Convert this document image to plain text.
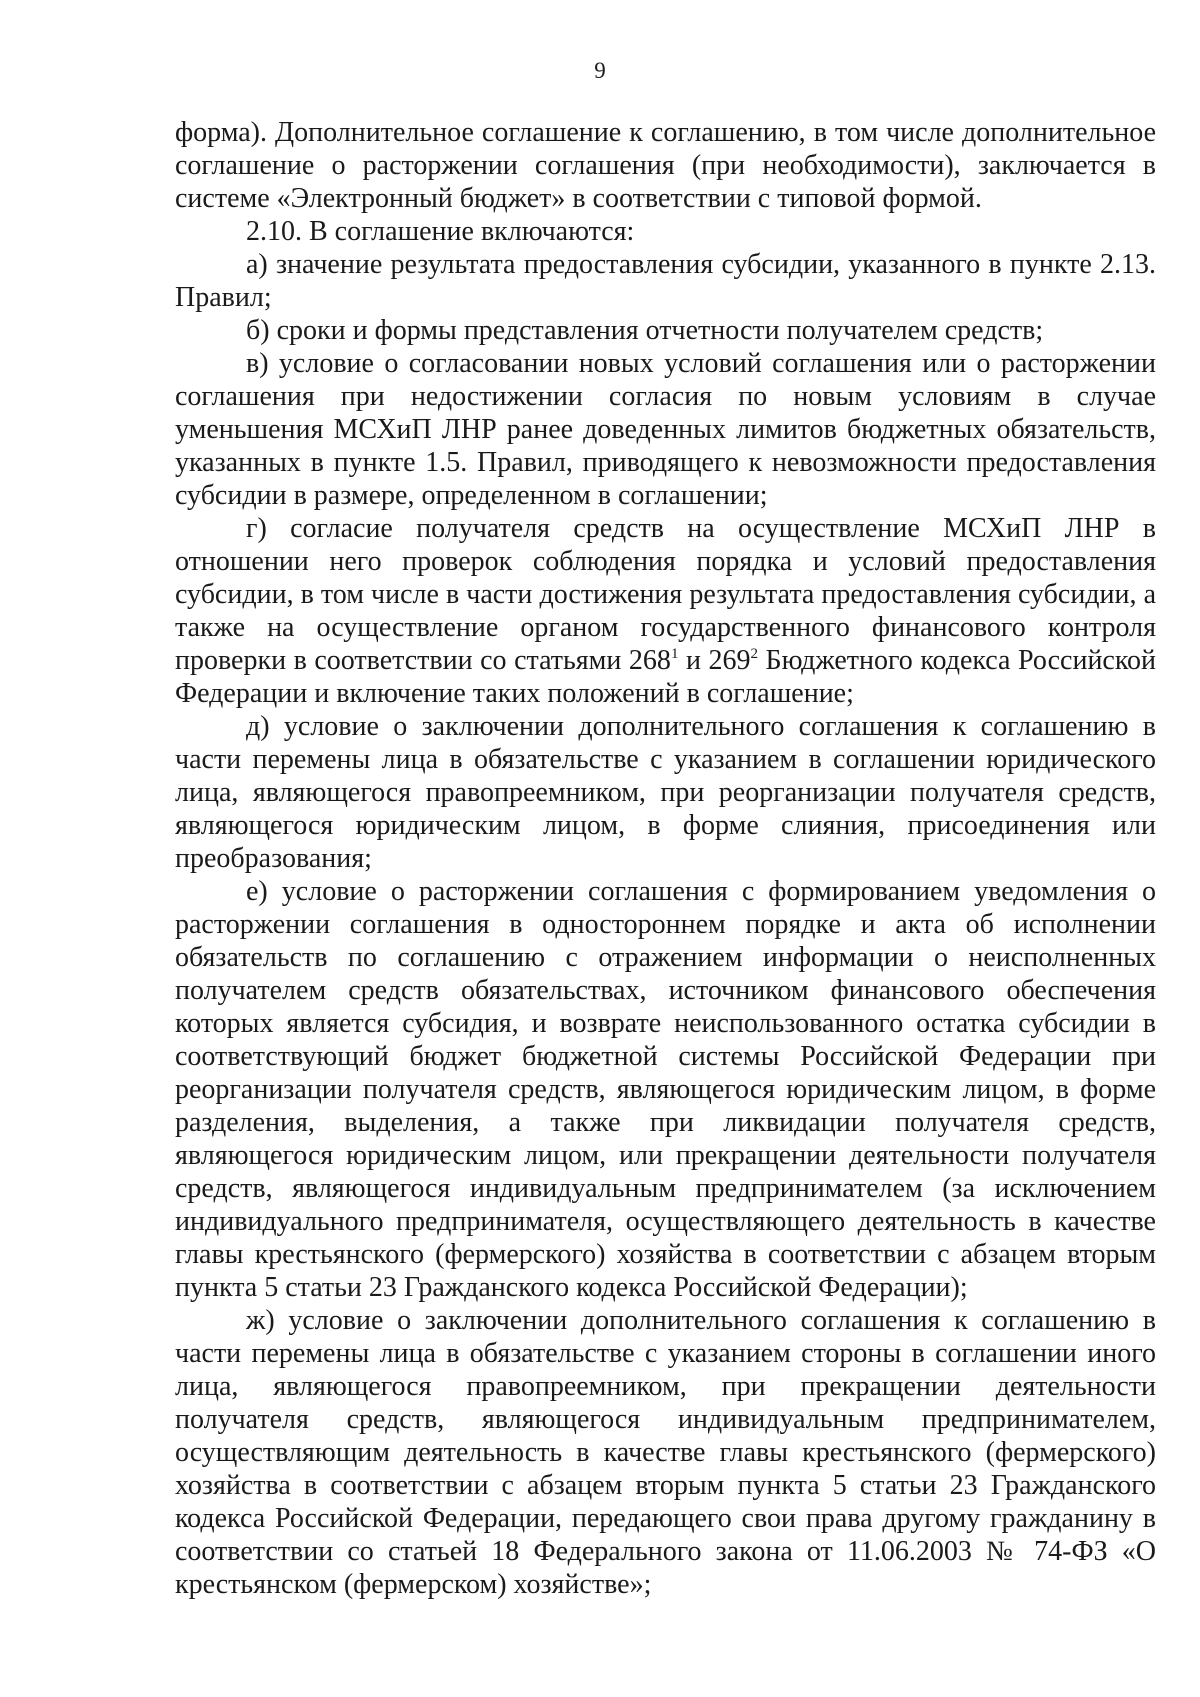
9

форма). Дополнительное соглашение к соглашению, в том числе дополнительное соглашение о расторжении соглашения (при необходимости), заключается в системе «Электронный бюджет» в соответствии с типовой формой.

2.10. В соглашение включаются:

а) значение результата предоставления субсидии, указанного в пункте 2.13. Правил;

б) сроки и формы представления отчетности получателем средств;

в) условие о согласовании новых условий соглашения или о расторжении соглашения при недостижении согласия по новым условиям в случае уменьшения МСХиП ЛНР ранее доведенных лимитов бюджетных обязательств, указанных в пункте 1.5. Правил, приводящего к невозможности предоставления субсидии в размере, определенном в соглашении;

г) согласие получателя средств на осуществление МСХиП ЛНР в отношении него проверок соблюдения порядка и условий предоставления субсидии, в том числе в части достижения результата предоставления субсидии, а также на осуществление органом государственного финансового контроля проверки в соответствии со статьями $268^1$ и $269^2$ Бюджетного кодекса Российской Федерации и включение таких положений в соглашение;

д) условие о заключении дополнительного соглашения к соглашению в части перемены лица в обязательстве с указанием в соглашении юридического лица, являющегося правопреемником, при реорганизации получателя средств, являющегося юридическим лицом, в форме слияния, присоединения или преобразования;

е) условие о расторжении соглашения с формированием уведомления о расторжении соглашения в одностороннем порядке и акта об исполнении обязательств по соглашению с отражением информации о неисполненных получателем средств обязательствах, источником финансового обеспечения которых является субсидия, и возврате неиспользованного остатка субсидии в соответствующий бюджет бюджетной системы Российской Федерации при реорганизации получателя средств, являющегося юридическим лицом, в форме разделения, выделения, а также при ликвидации получателя средств, являющегося юридическим лицом, или прекращении деятельности получателя средств, являющегося индивидуальным предпринимателем (за исключением индивидуального предпринимателя, осуществляющего деятельность в качестве главы крестьянского (фермерского) хозяйства в соответствии с абзацем вторым пункта 5 статьи 23 Гражданского кодекса Российской Федерации);

ж) условие о заключении дополнительного соглашения к соглашению в части перемены лица в обязательстве с указанием стороны в соглашении иного лица, являющегося правопреемником, при прекращении деятельности получателя средств, являющегося индивидуальным предпринимателем, осуществляющим деятельность в качестве главы крестьянского (фермерского) хозяйства в соответствии с абзацем вторым пункта 5 статьи 23 Гражданского кодекса Российской Федерации, передающего свои права другому гражданину в соответствии со статьей 18 Федерального закона от 11.06.2003 № 74-ФЗ «О крестьянском (фермерском) хозяйстве»;
